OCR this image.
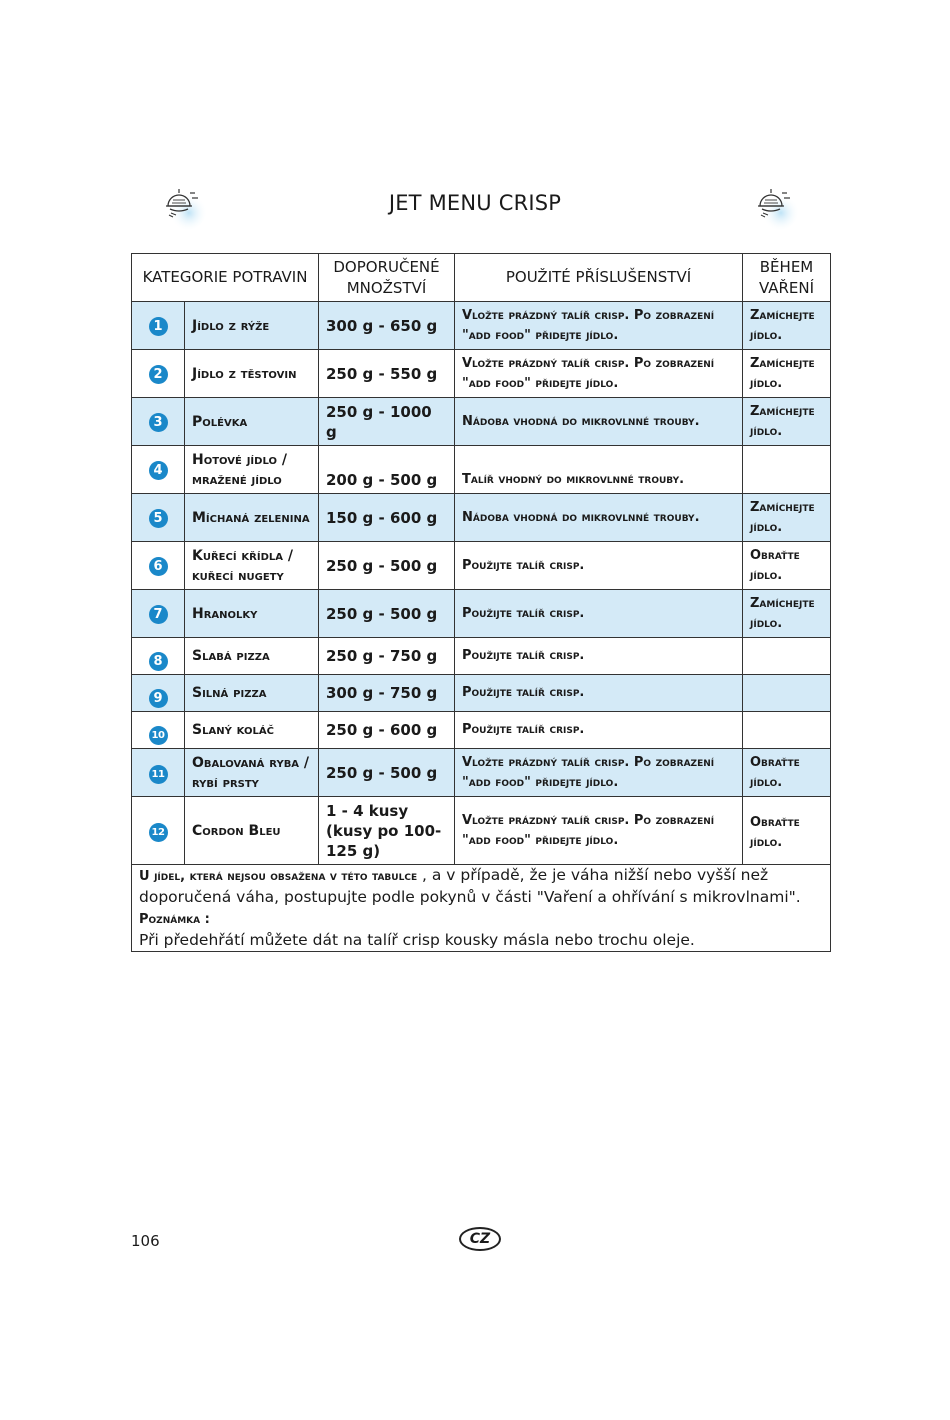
JET MENU CRISP
KATEGORIE POTRAVIN		DOPORUČENÉ MNOŽSTVÍ	POUŽITÉ PŘÍSLUŠENSTVÍ	BĚHEM VAŘENÍ
1	Jídlo z rýže	300 g - 650 g	Vložte prázdný talíř crisp. Po zobrazení "add food" přidejte jídlo.	Zamíchejte jídlo.
2	Jídlo z těstovin	250 g - 550 g	Vložte prázdný talíř crisp. Po zobrazení "add food" přidejte jídlo.	Zamíchejte jídlo.
3	Polévka	250 g - 1000 g	Nádoba vhodná do mikrovlnné trouby.	Zamíchejte jídlo.
4	Hotové jídlo / mražené jídlo	200 g - 500 g	Talíř vhodný do mikrovlnné trouby.	
5	Míchaná zelenina	150 g - 600 g	Nádoba vhodná do mikrovlnné trouby.	Zamíchejte jídlo.
6	Kuřecí křídla / kuřecí nugety	250 g - 500 g	Použijte talíř crisp.	Obraťte jídlo.
7	Hranolky	250 g - 500 g	Použijte talíř crisp.	Zamíchejte jídlo.
8	Slabá pizza	250 g - 750 g	Použijte talíř crisp.	
9	Silná pizza	300 g - 750 g	Použijte talíř crisp.	
10	Slaný koláč	250 g - 600 g	Použijte talíř crisp.	
11	Obalovaná ryba / rybí prsty	250 g - 500 g	Vložte prázdný talíř crisp. Po zobrazení "add food" přidejte jídlo.	Obraťte jídlo.
12	Cordon Bleu	1 - 4 kusy (kusy po 100-125 g)	Vložte prázdný talíř crisp. Po zobrazení "add food" přidejte jídlo.	Obraťte jídlo.
U jídel, která nejsou obsažena v této tabulce , a v případě, že je váha nižší nebo vyšší než doporučená váha, postupujte podle pokynů v části "Vaření a ohřívání s mikrovlnami".
Poznámka :
Při předehřátí můžete dát na talíř crisp kousky másla nebo trochu oleje.				
106	CZ
